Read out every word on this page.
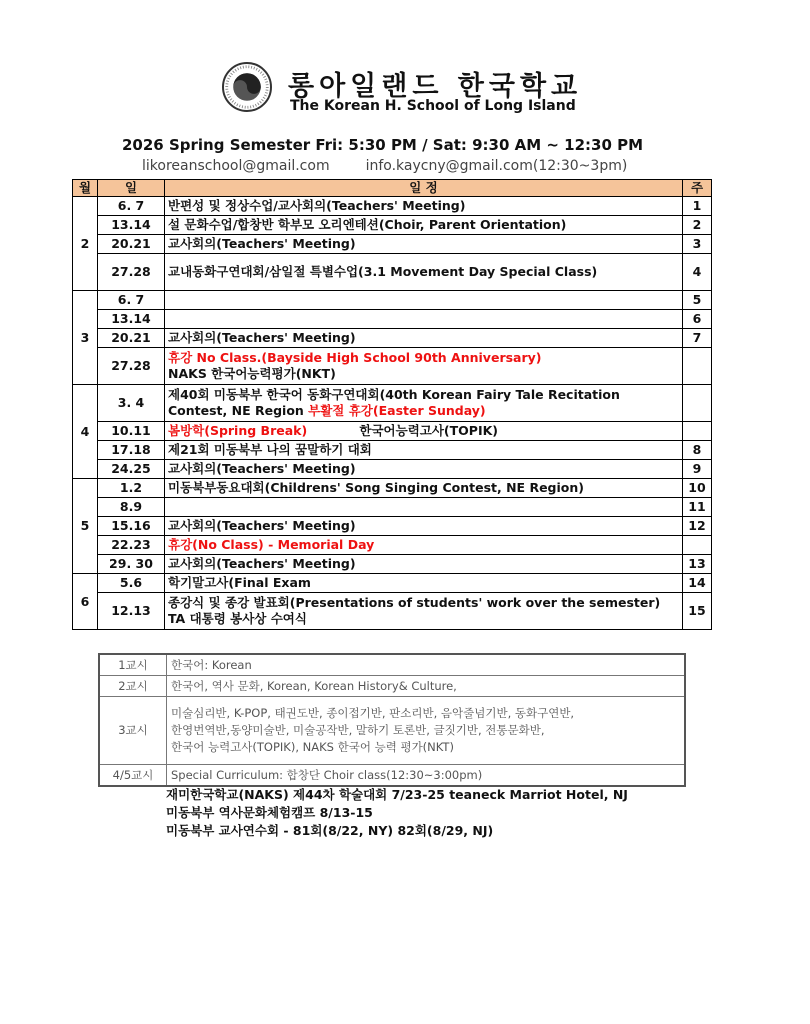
롱아일랜드 한국학교
The Korean H. School of Long Island
2026 Spring Semester Fri: 5:30 PM / Sat: 9:30 AM ~ 12:30 PM
likoreanschool@gmail.com	info.kaycny@gmail.com(12:30~3pm)
월	일	일 정	주
2	6. 7	반편성 및 정상수업/교사회의(Teachers' Meeting)	1
	13.14	설 문화수업/합창반 학부모 오리엔테션(Choir, Parent Orientation)	2
	20.21	교사회의(Teachers' Meeting)	3
	27.28	교내동화구연대회/삼일절 특별수업(3.1 Movement Day Special Class)	4
3	6. 7		5
	13.14		6
	20.21	교사회의(Teachers' Meeting)	7
	27.28	휴강 No Class.(Bayside High School 90th Anniversary)
NAKS 한국어능력평가(NKT)	
4	3. 4	제40회 미동북부 한국어 동화구연대회(40th Korean Fairy Tale Recitation
Contest, NE Region 부활절 휴강(Easter Sunday)	
	10.11	봄방학(Spring Break)            한국어능력고사(TOPIK)	
	17.18	제21회 미동북부 나의 꿈말하기 대회	8
	24.25	교사회의(Teachers' Meeting)	9
5	1.2	미동북부동요대회(Childrens' Song Singing Contest, NE Region)	10
	8.9		11
	15.16	교사회의(Teachers' Meeting)	12
	22.23	휴강(No Class) - Memorial Day	
	29. 30	교사회의(Teachers' Meeting)	13
6	5.6	학기말고사(Final Exam	14
	12.13	종강식 및 종강 발표회(Presentations of students' work over the semester)
TA 대통령 봉사상 수여식	15
1교시	한국어: Korean
2교시	한국어, 역사 문화, Korean, Korean History& Culture,
3교시	미술심리반, K-POP, 태권도반, 종이접기반, 판소리반, 음악줄넘기반, 동화구연반,
한영번역반,동양미술반, 미술공작반, 말하기 토론반, 글짓기반, 전통문화반,
한국어 능력고사(TOPIK), NAKS 한국어 능력 평가(NKT)

4/5교시	Special Curriculum: 합창단 Choir class(12:30~3:00pm)
재미한국학교(NAKS) 제44차 학술대회 7/23-25 teaneck Marriot Hotel, NJ
미동북부 역사문화체험캠프 8/13-15
미동북부 교사연수회 - 81회(8/22, NY) 82회(8/29, NJ)
